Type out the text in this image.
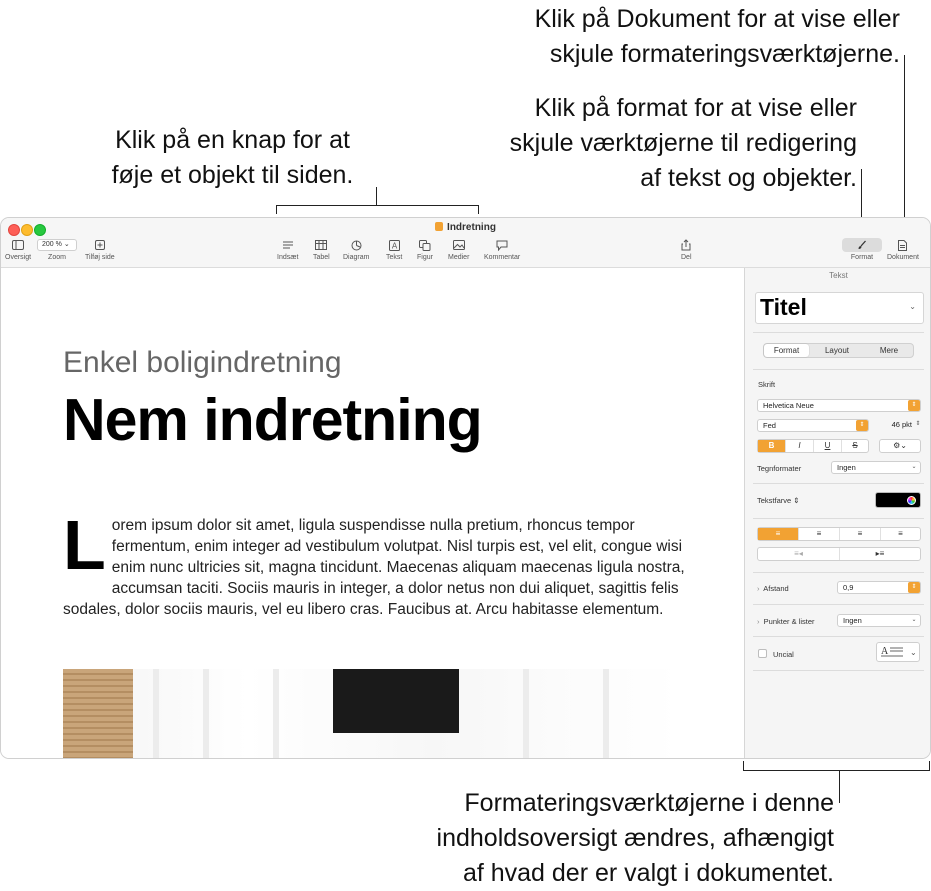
Klik på Dokument for at vise eller
skjule formateringsværktøjerne.
Klik på format for at vise eller
skjule værktøjerne til redigering
af tekst og objekter.
Klik på en knap for at
føje et objekt til siden.
Formateringsværktøjerne i denne
indholdsoversigt ændres, afhængigt
af hvad der er valgt i dokumentet.
Indretning
Oversigt
200 % ⌄
Zoom	Tilføj side	Indsæt Tabel Diagram
A
Tekst Figur Medier Kommentar	Del	Format Dokument
Enkel boligindretning
Nem indretning
L orem ipsum dolor sit amet, ligula suspendisse nulla pretium, rhoncus tempor fermentum, enim integer ad vestibulum volutpat. Nisl turpis est, vel elit, congue wisi enim nunc ultricies sit, magna tincidunt. Maecenas aliquam maecenas ligula nostra, accumsan taciti. Sociis mauris in integer, a dolor netus non dui aliquet, sagittis felis sodales, dolor sociis mauris, vel eu libero cras. Faucibus at. Arcu habitasse elementum.
Tekst
Titel	⌄
Format	Layout	Mere
Skrift
Helvetica Neue	⇕
Fed	⇕	46 pkt ⇕
B	I	U	S	⚙⌄
Tegnformater	Ingen	⌄
Tekstfarve ⇕
≡	≡	≡	≡
≡◂	▸≡
› Afstand	0,9	⇕
› Punkter & lister	Ingen	⌄
Uncial	A	⌄
